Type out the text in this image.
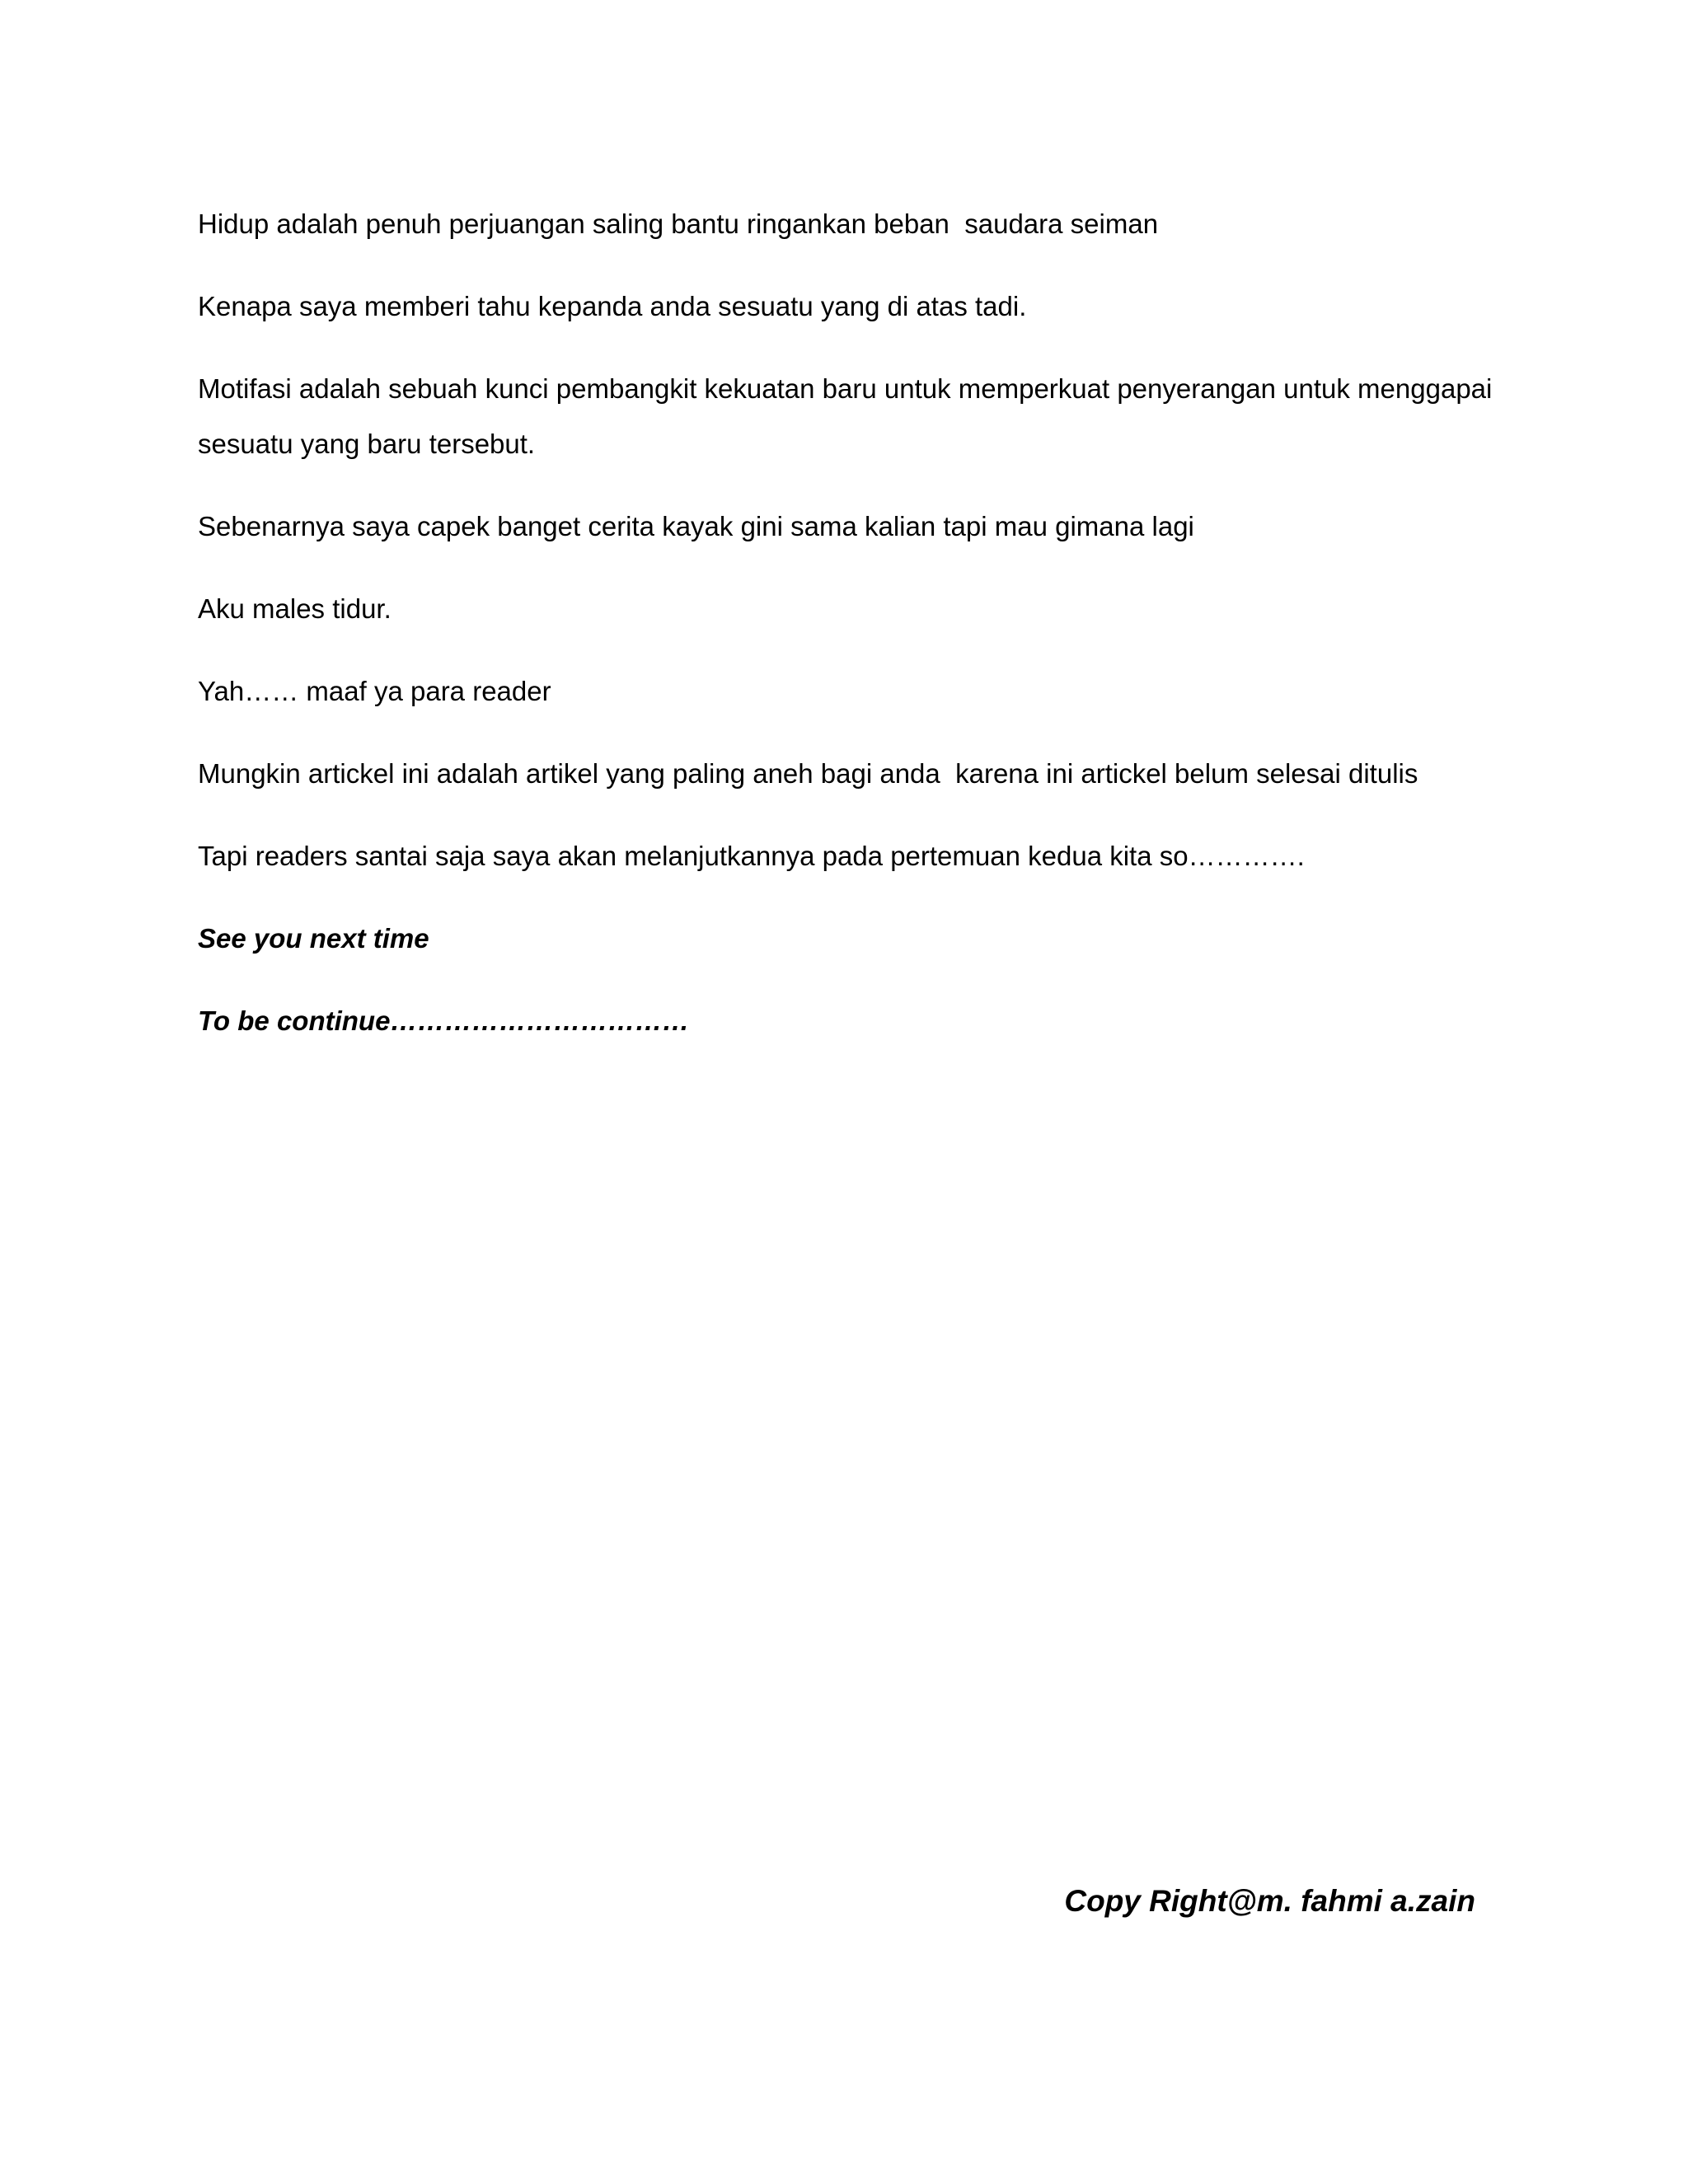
Hidup adalah penuh perjuangan saling bantu ringankan beban  saudara seiman

Kenapa saya memberi tahu kepanda anda sesuatu yang di atas tadi.

Motifasi adalah sebuah kunci pembangkit kekuatan baru untuk memperkuat penyerangan untuk menggapai sesuatu yang baru tersebut.

Sebenarnya saya capek banget cerita kayak gini sama kalian tapi mau gimana lagi

Aku males tidur.

Yah…… maaf ya para reader

Mungkin artickel ini adalah artikel yang paling aneh bagi anda  karena ini artickel belum selesai ditulis

Tapi readers santai saja saya akan melanjutkannya pada pertemuan kedua kita so………….

See you next time

To be continue……………………………

Copy Right@m. fahmi a.zain
